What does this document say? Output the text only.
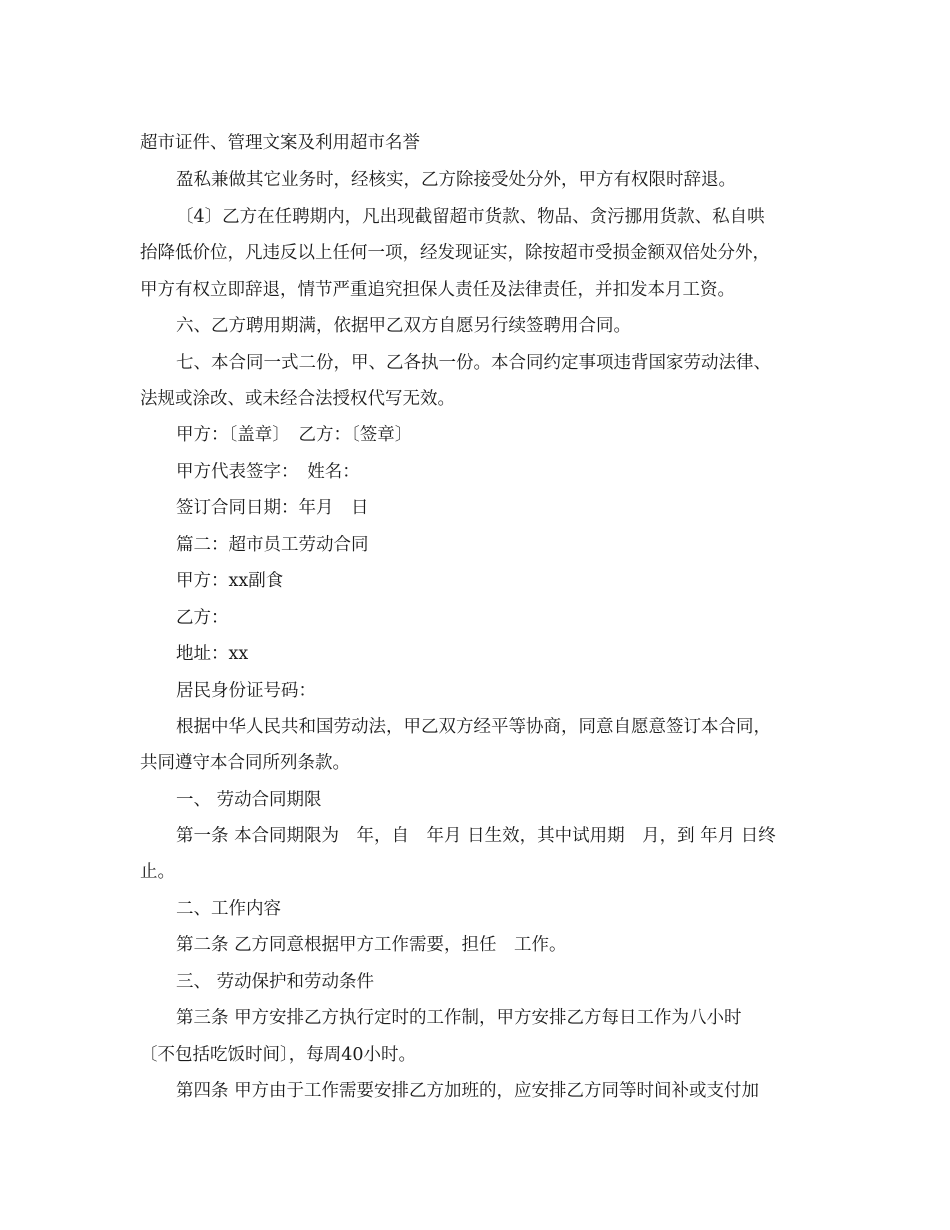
超市证件、管理文案及利用超市名誉
盈私兼做其它业务时，经核实，乙方除接受处分外，甲方有权限时辞退。
〔4〕乙方在任聘期内，凡出现截留超市货款、物品、贪污挪用货款、私自哄
抬降低价位，凡违反以上任何一项，经发现证实，除按超市受损金额双倍处分外，
甲方有权立即辞退，情节严重追究担保人责任及法律责任，并扣发本月工资。
六、乙方聘用期满，依据甲乙双方自愿另行续签聘用合同。
七、本合同一式二份，甲、乙各执一份。本合同约定事项违背国家劳动法律、
法规或涂改、或未经合法授权代写无效。
甲方：〔盖章〕　乙方：〔签章〕
甲方代表签字：　姓名：
签订合同日期：年月　日
篇二：超市员工劳动合同
甲方：xx副食
乙方：
地址：xx
居民身份证号码：
根据中华人民共和国劳动法，甲乙双方经平等协商，同意自愿意签订本合同，
共同遵守本合同所列条款。
一、 劳动合同期限
第一条 本合同期限为　年，自　年月 日生效，其中试用期　月，到 年月 日终
止。
二、工作内容
第二条 乙方同意根据甲方工作需要，担任　工作。
三、 劳动保护和劳动条件
第三条 甲方安排乙方执行定时的工作制，甲方安排乙方每日工作为八小时
〔不包括吃饭时间〕，每周40小时。
第四条 甲方由于工作需要安排乙方加班的，应安排乙方同等时间补或支付加
